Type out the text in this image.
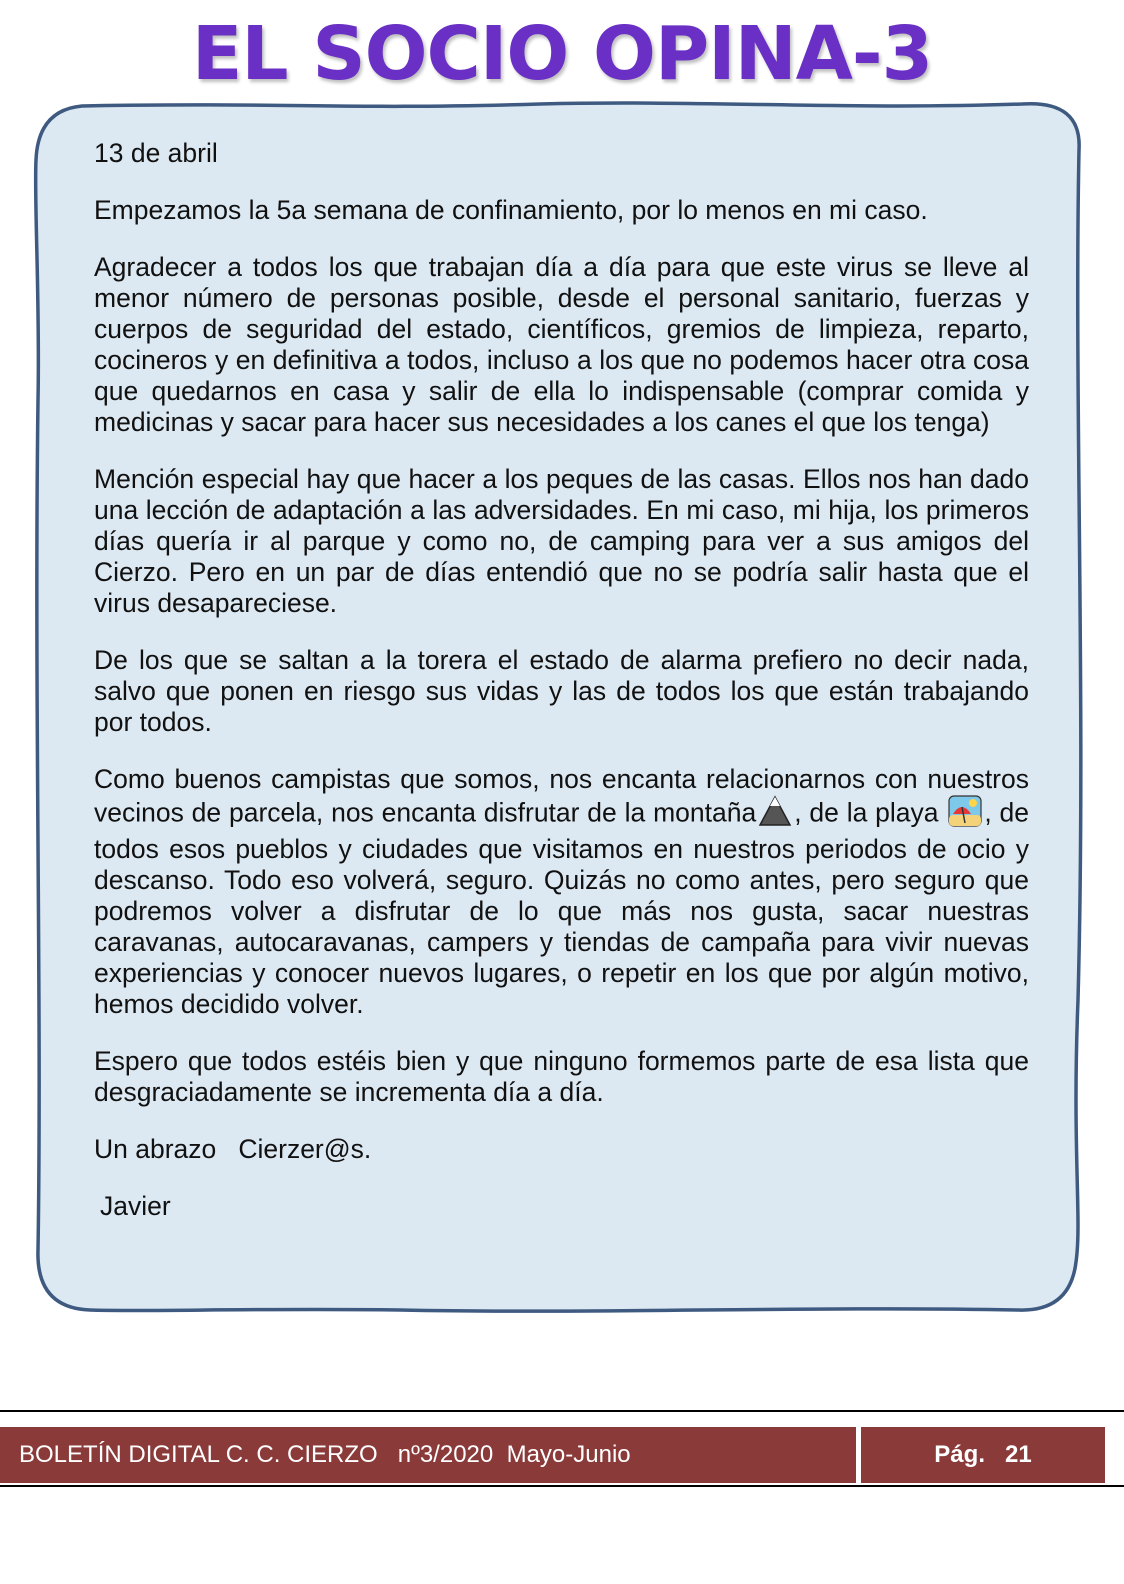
EL SOCIO OPINA-3

13 de abril

Empezamos la 5a semana de confinamiento, por lo menos en mi caso.

Agradecer a todos los que trabajan día a día para que este virus se lleve al menor número de personas posible, desde el personal sanitario, fuerzas y cuerpos de seguridad del estado, científicos, gremios de limpieza, reparto, cocineros y en definitiva a todos, incluso a los que no podemos hacer otra cosa que quedarnos en casa y salir de ella lo indispensable (comprar comida y medicinas y sacar para hacer sus necesidades a los canes el que los tenga)

Mención especial hay que hacer a los peques de las casas. Ellos nos han dado una lección de adaptación a las adversidades. En mi caso, mi hija, los primeros días quería ir al parque y como no, de camping para ver a sus amigos del Cierzo. Pero en un par de días entendió que no se podría salir hasta que el virus desapareciese.

De los que se saltan a la torera el estado de alarma prefiero no decir nada, salvo que ponen en riesgo sus vidas y las de todos los que están trabajando por todos.

Como buenos campistas que somos, nos encanta relacionarnos con nuestros vecinos de parcela, nos encanta disfrutar de la montaña , de la playa , de todos esos pueblos y ciudades que visitamos en nuestros periodos de ocio y descanso. Todo eso volverá, seguro. Quizás no como antes, pero seguro que podremos volver a disfrutar de lo que más nos gusta, sacar nuestras caravanas, autocaravanas, campers y tiendas de campaña para vivir nuevas experiencias y conocer nuevos lugares, o repetir en los que por algún motivo, hemos decidido volver.

Espero que todos estéis bien y que ninguno formemos parte de esa lista que desgraciadamente se incrementa día a día.

Un abrazo   Cierzer@s.

Javier

BOLETÍN DIGITAL C. C. CIERZO   nº3/2020  Mayo-Junio	Pág.   21
